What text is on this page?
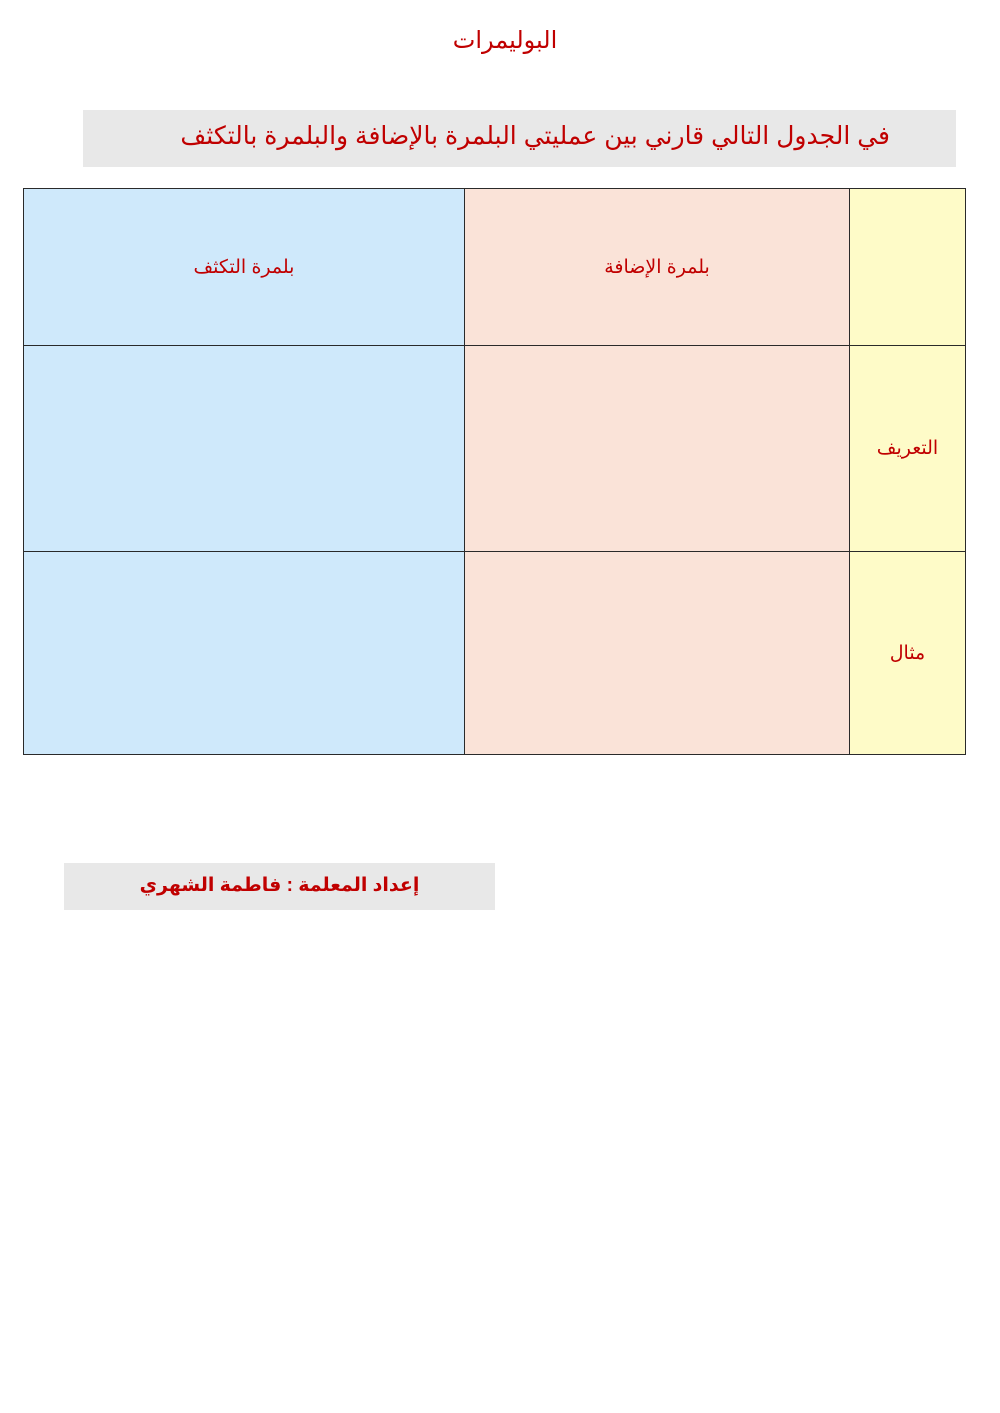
البوليمرات
في الجدول التالي قارني بين عمليتي البلمرة بالإضافة والبلمرة بالتكثف
	بلمرة الإضافة	بلمرة التكثف
التعريف		
مثال		
إعداد المعلمة : فاطمة الشهري
